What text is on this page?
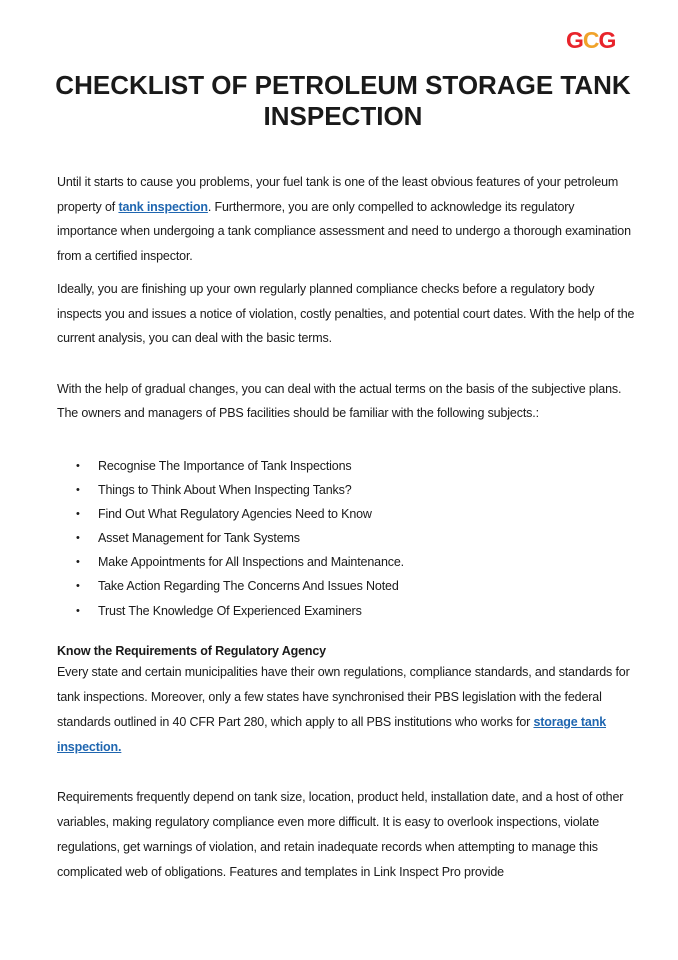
GCG
CHECKLIST OF PETROLEUM STORAGE TANK INSPECTION

Until it starts to cause you problems, your fuel tank is one of the least obvious features of your petroleum property of tank inspection. Furthermore, you are only compelled to acknowledge its regulatory importance when undergoing a tank compliance assessment and need to undergo a thorough examination from a certified inspector.

Ideally, you are finishing up your own regularly planned compliance checks before a regulatory body inspects you and issues a notice of violation, costly penalties, and potential court dates. With the help of the current analysis, you can deal with the basic terms.

With the help of gradual changes, you can deal with the actual terms on the basis of the subjective plans. The owners and managers of PBS facilities should be familiar with the following subjects.:

• Recognise The Importance of Tank Inspections
• Things to Think About When Inspecting Tanks?
• Find Out What Regulatory Agencies Need to Know
• Asset Management for Tank Systems
• Make Appointments for All Inspections and Maintenance.
• Take Action Regarding The Concerns And Issues Noted
• Trust The Knowledge Of Experienced Examiners

Know the Requirements of Regulatory Agency

Every state and certain municipalities have their own regulations, compliance standards, and standards for tank inspections. Moreover, only a few states have synchronised their PBS legislation with the federal standards outlined in 40 CFR Part 280, which apply to all PBS institutions who works for storage tank inspection.

Requirements frequently depend on tank size, location, product held, installation date, and a host of other variables, making regulatory compliance even more difficult. It is easy to overlook inspections, violate regulations, get warnings of violation, and retain inadequate records when attempting to manage this complicated web of obligations. Features and templates in Link Inspect Pro provide
